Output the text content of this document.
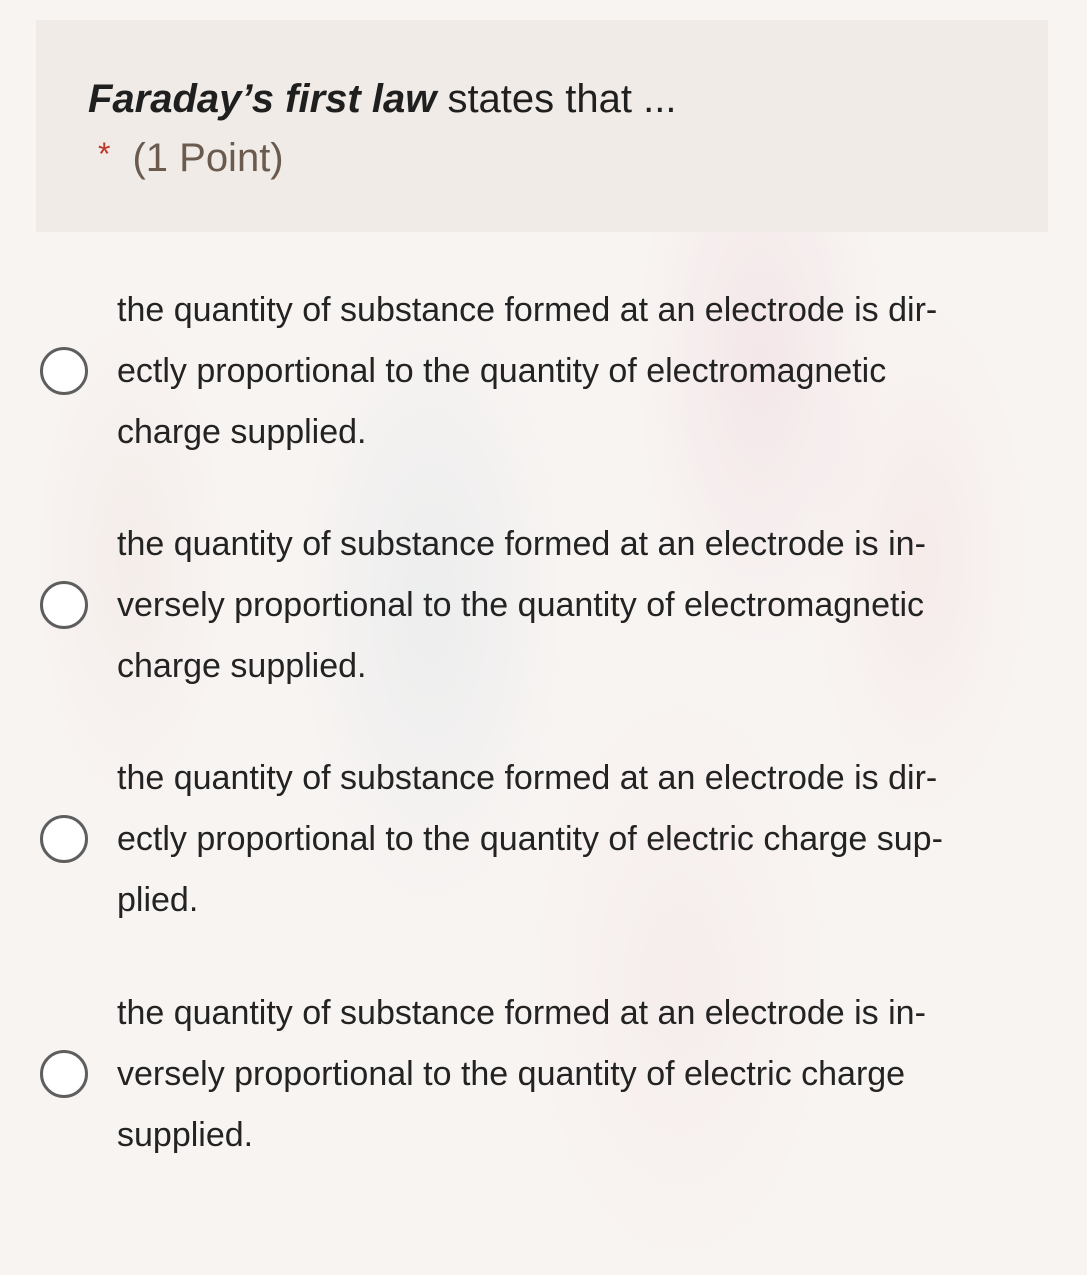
Faraday’s first law states that ...
* (1 Point)
the quantity of substance formed at an electrode is dir-
ectly proportional to the quantity of electromagnetic
charge supplied.
the quantity of substance formed at an electrode is in-
versely proportional to the quantity of electromagnetic
charge supplied.
the quantity of substance formed at an electrode is dir-
ectly proportional to the quantity of electric charge sup-
plied.
the quantity of substance formed at an electrode is in-
versely proportional to the quantity of electric charge
supplied.
